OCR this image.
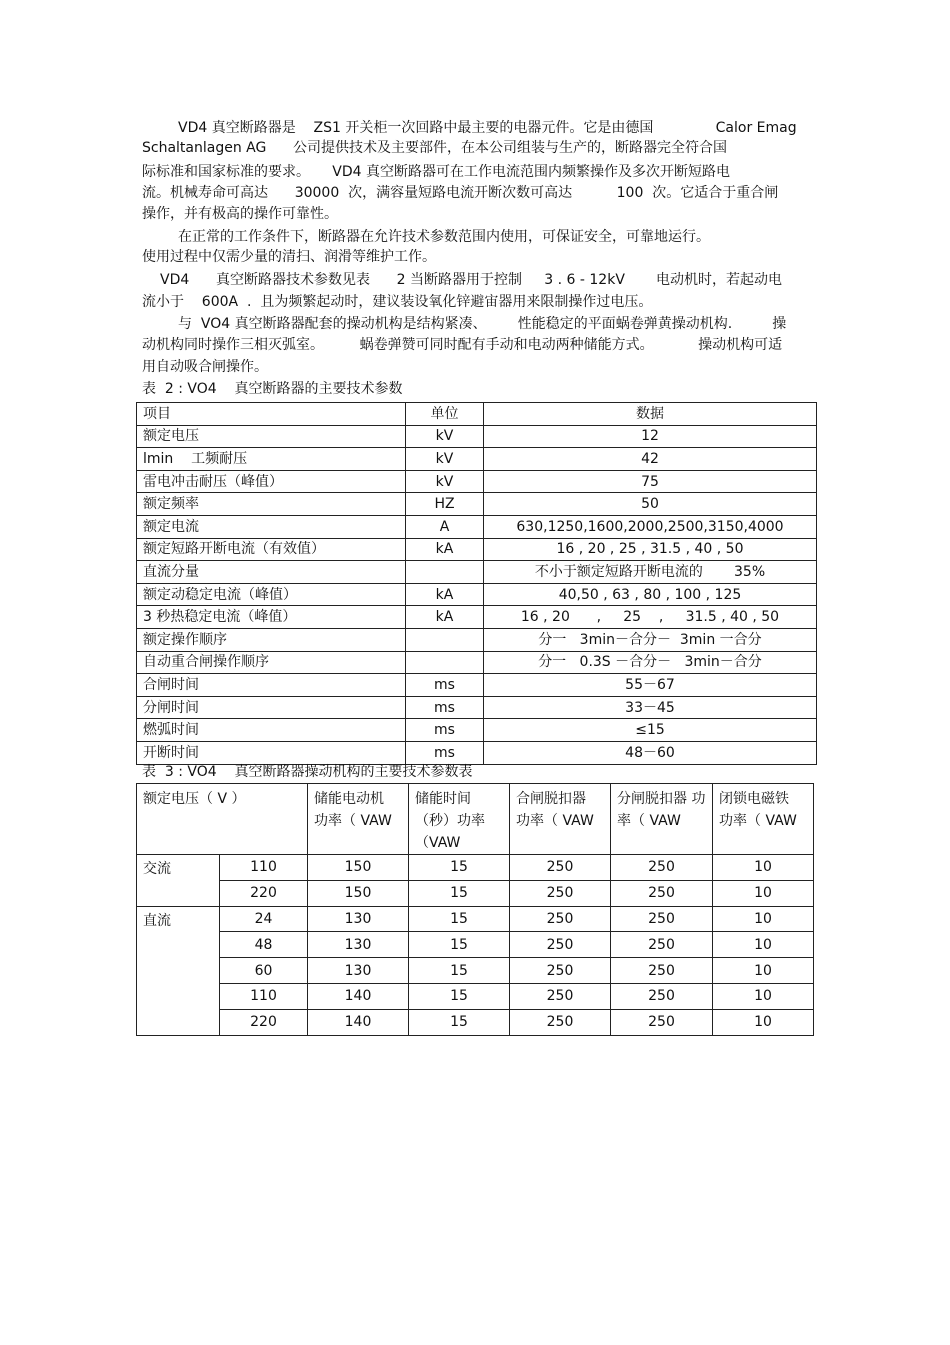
VD4 真空断路器是    ZS1 开关柜一次回路中最主要的电器元件。它是由德国              Calor Emag
Schaltanlagen AG      公司提供技术及主要部件，在本公司组装与生产的，断路器完全符合国
际标准和国家标准的要求。     VD4 真空断路器可在工作电流范围内频繁操作及多次开断短路电
流。机械寿命可高达      30000  次，满容量短路电流开断次数可高达          100  次。它适合于重合闸
操作，并有极高的操作可靠性。
在正常的工作条件下，断路器在允许技术参数范围内使用，可保证安全，可靠地运行。
使用过程中仅需少量的清扫、润滑等维护工作。
VD4      真空断路器技术参数见表      2 当断路器用于控制     3 . 6 - 12kV       电动机时，若起动电
流小于    600A  .  且为频繁起动时，建议装设氧化锌避宙器用来限制操作过电压。
与  VO4 真空断路器配套的操动机构是结构紧凑、       性能稳定的平面蜗卷弹黄操动机构.         操
动机构同时操作三相灭弧室。        蜗卷弹赞可同时配有手动和电动两种储能方式。          操动机构可适
用自动吸合闸操作。
表  2 : VO4    真空断路器的主要技术参数
项目	单位	数据
额定电压	kV	12
lmin    工频耐压	kV	42
雷电冲击耐压（峰值）	kV	75
额定频率	HZ	50
额定电流	A	630,1250,1600,2000,2500,3150,4000
额定短路开断电流（有效值）	kA	16 , 20 , 25 , 31.5 , 40 , 50
直流分量		不小于额定短路开断电流的       35%
额定动稳定电流（峰值）	kA	40,50 , 63 , 80 , 100 , 125
3 秒热稳定电流（峰值）	kA	16 , 20      ,     25    ,     31.5 , 40 , 50
额定操作顺序		分一   3min－合分－  3min 一合分
自动重合闸操作顺序		分一   0.3S －合分－   3min－合分
合闸时间	ms	55－67
分闸时间	ms	33－45
燃弧时间	ms	≤15
开断时间	ms	48－60
表  3 : VO4    真空断路器操动机构的主要技术参数表
额定电压（ V ）		储能电动机 功率（ VAW	储能时间 （秒）功率 （VAW	合闸脱扣器 功率（ VAW	分闸脱扣器 功率（ VAW	闭锁电磁铁 功率（ VAW
交流	110	150	15	250	250	10
	220	150	15	250	250	10
直流	24	130	15	250	250	10
	48	130	15	250	250	10
	60	130	15	250	250	10
	110	140	15	250	250	10
	220	140	15	250	250	10
